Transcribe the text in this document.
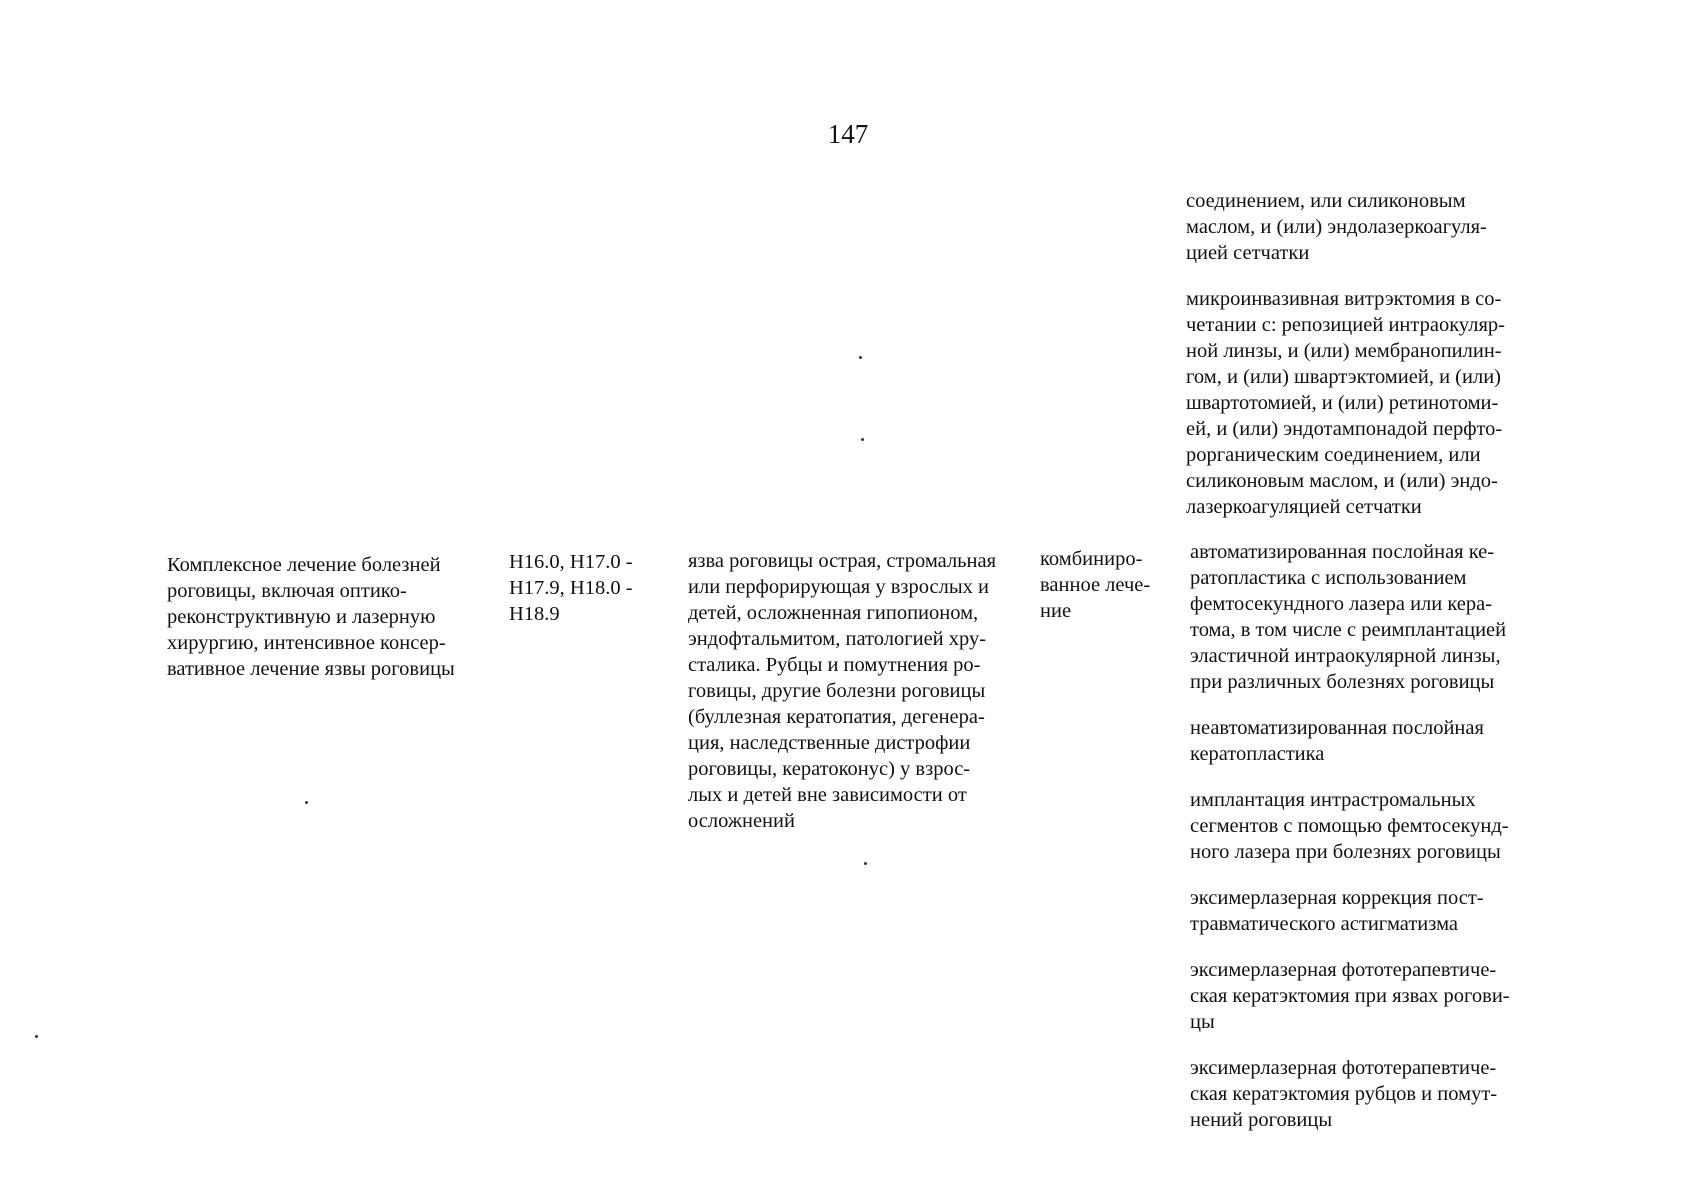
147
соединением, или силиконовым
маслом, и (или) эндолазеркоагуля-
цией сетчатки
микроинвазивная витрэктомия в со-
четании с: репозицией интраокуляр-
ной линзы, и (или) мембранопилин-
гом, и (или) швартэктомией, и (или)
швартотомией, и (или) ретинотоми-
ей, и (или) эндотампонадой перфто-
рорганическим соединением, или
силиконовым маслом, и (или) эндо-
лазеркоагуляцией сетчатки
Комплексное лечение болезней
роговицы, включая оптико-
реконструктивную и лазерную
хирургию, интенсивное консер-
вативное лечение язвы роговицы
H16.0, H17.0 -
H17.9, H18.0 -
H18.9
язва роговицы острая, стромальная
или перфорирующая у взрослых и
детей, осложненная гипопионом,
эндофтальмитом, патологией хру-
сталика. Рубцы и помутнения ро-
говицы, другие болезни роговицы
(буллезная кератопатия, дегенера-
ция, наследственные дистрофии
роговицы, кератоконус) у взрос-
лых и детей вне зависимости от
осложнений
комбиниро-
ванное лече-
ние
автоматизированная послойная ке-
ратопластика с использованием
фемтосекундного лазера или кера-
тома, в том числе с реимплантацией
эластичной интраокулярной линзы,
при различных болезнях роговицы
неавтоматизированная послойная
кератопластика
имплантация интрастромальных
сегментов с помощью фемтосекунд-
ного лазера при болезнях роговицы
эксимерлазерная коррекция пост-
травматического астигматизма
эксимерлазерная фототерапевтиче-
ская кератэктомия при язвах рогови-
цы
эксимерлазерная фототерапевтиче-
ская кератэктомия рубцов и помут-
нений роговицы
